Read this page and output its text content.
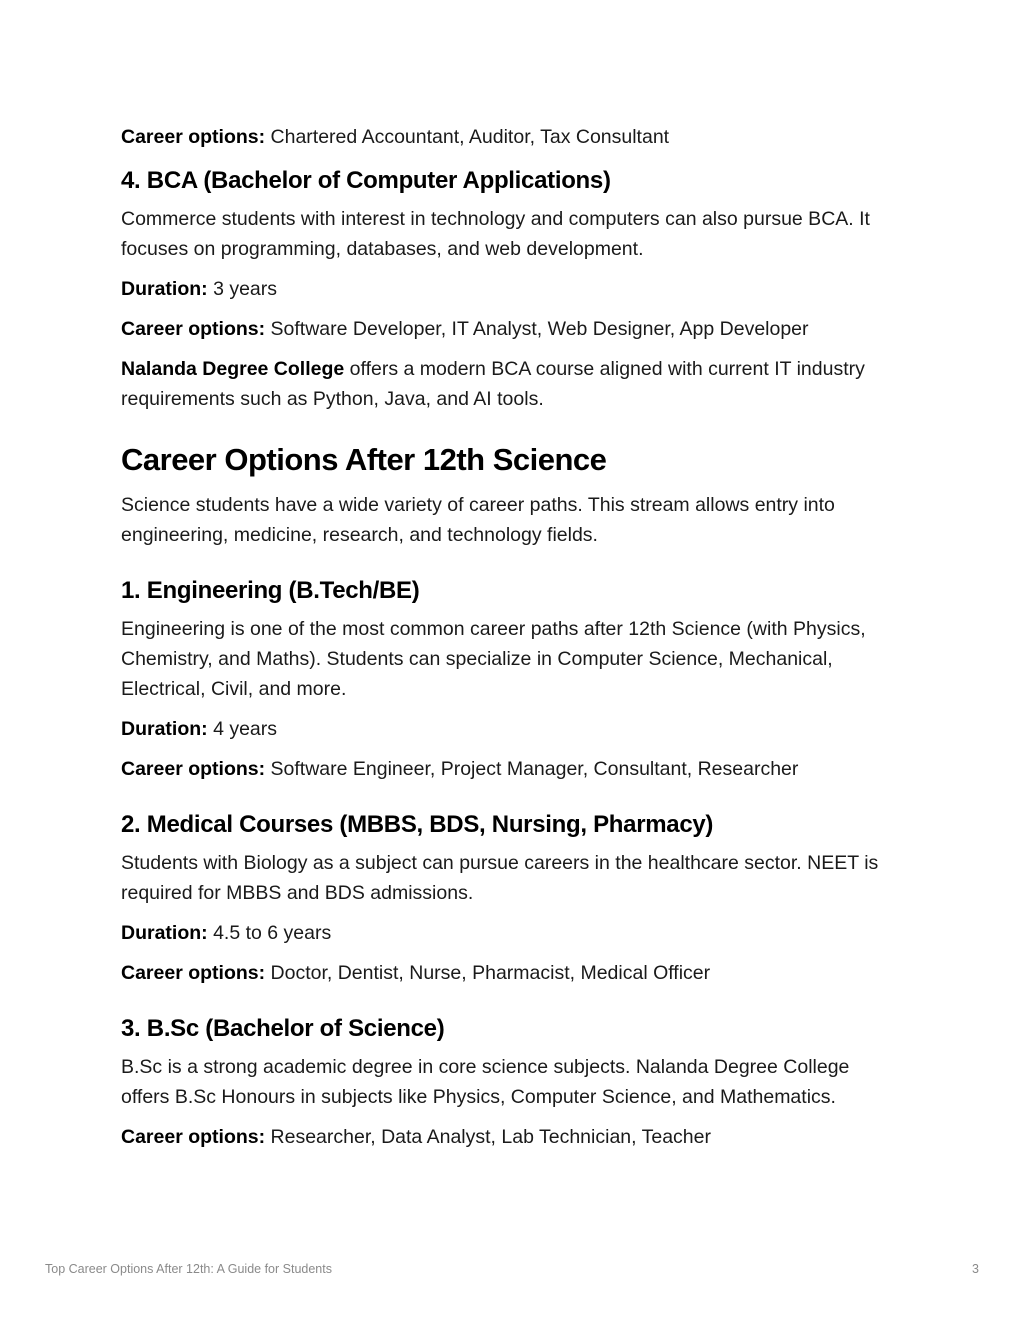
Career options: Chartered Accountant, Auditor, Tax Consultant

4. BCA (Bachelor of Computer Applications)

Commerce students with interest in technology and computers can also pursue BCA. It focuses on programming, databases, and web development.

Duration: 3 years

Career options: Software Developer, IT Analyst, Web Designer, App Developer

Nalanda Degree College offers a modern BCA course aligned with current IT industry requirements such as Python, Java, and AI tools.

Career Options After 12th Science

Science students have a wide variety of career paths. This stream allows entry into engineering, medicine, research, and technology fields.

1. Engineering (B.Tech/BE)

Engineering is one of the most common career paths after 12th Science (with Physics, Chemistry, and Maths). Students can specialize in Computer Science, Mechanical, Electrical, Civil, and more.

Duration: 4 years

Career options: Software Engineer, Project Manager, Consultant, Researcher

2. Medical Courses (MBBS, BDS, Nursing, Pharmacy)

Students with Biology as a subject can pursue careers in the healthcare sector. NEET is required for MBBS and BDS admissions.

Duration: 4.5 to 6 years

Career options: Doctor, Dentist, Nurse, Pharmacist, Medical Officer

3. B.Sc (Bachelor of Science)

B.Sc is a strong academic degree in core science subjects. Nalanda Degree College offers B.Sc Honours in subjects like Physics, Computer Science, and Mathematics.

Career options: Researcher, Data Analyst, Lab Technician, Teacher

Top Career Options After 12th: A Guide for Students	3
